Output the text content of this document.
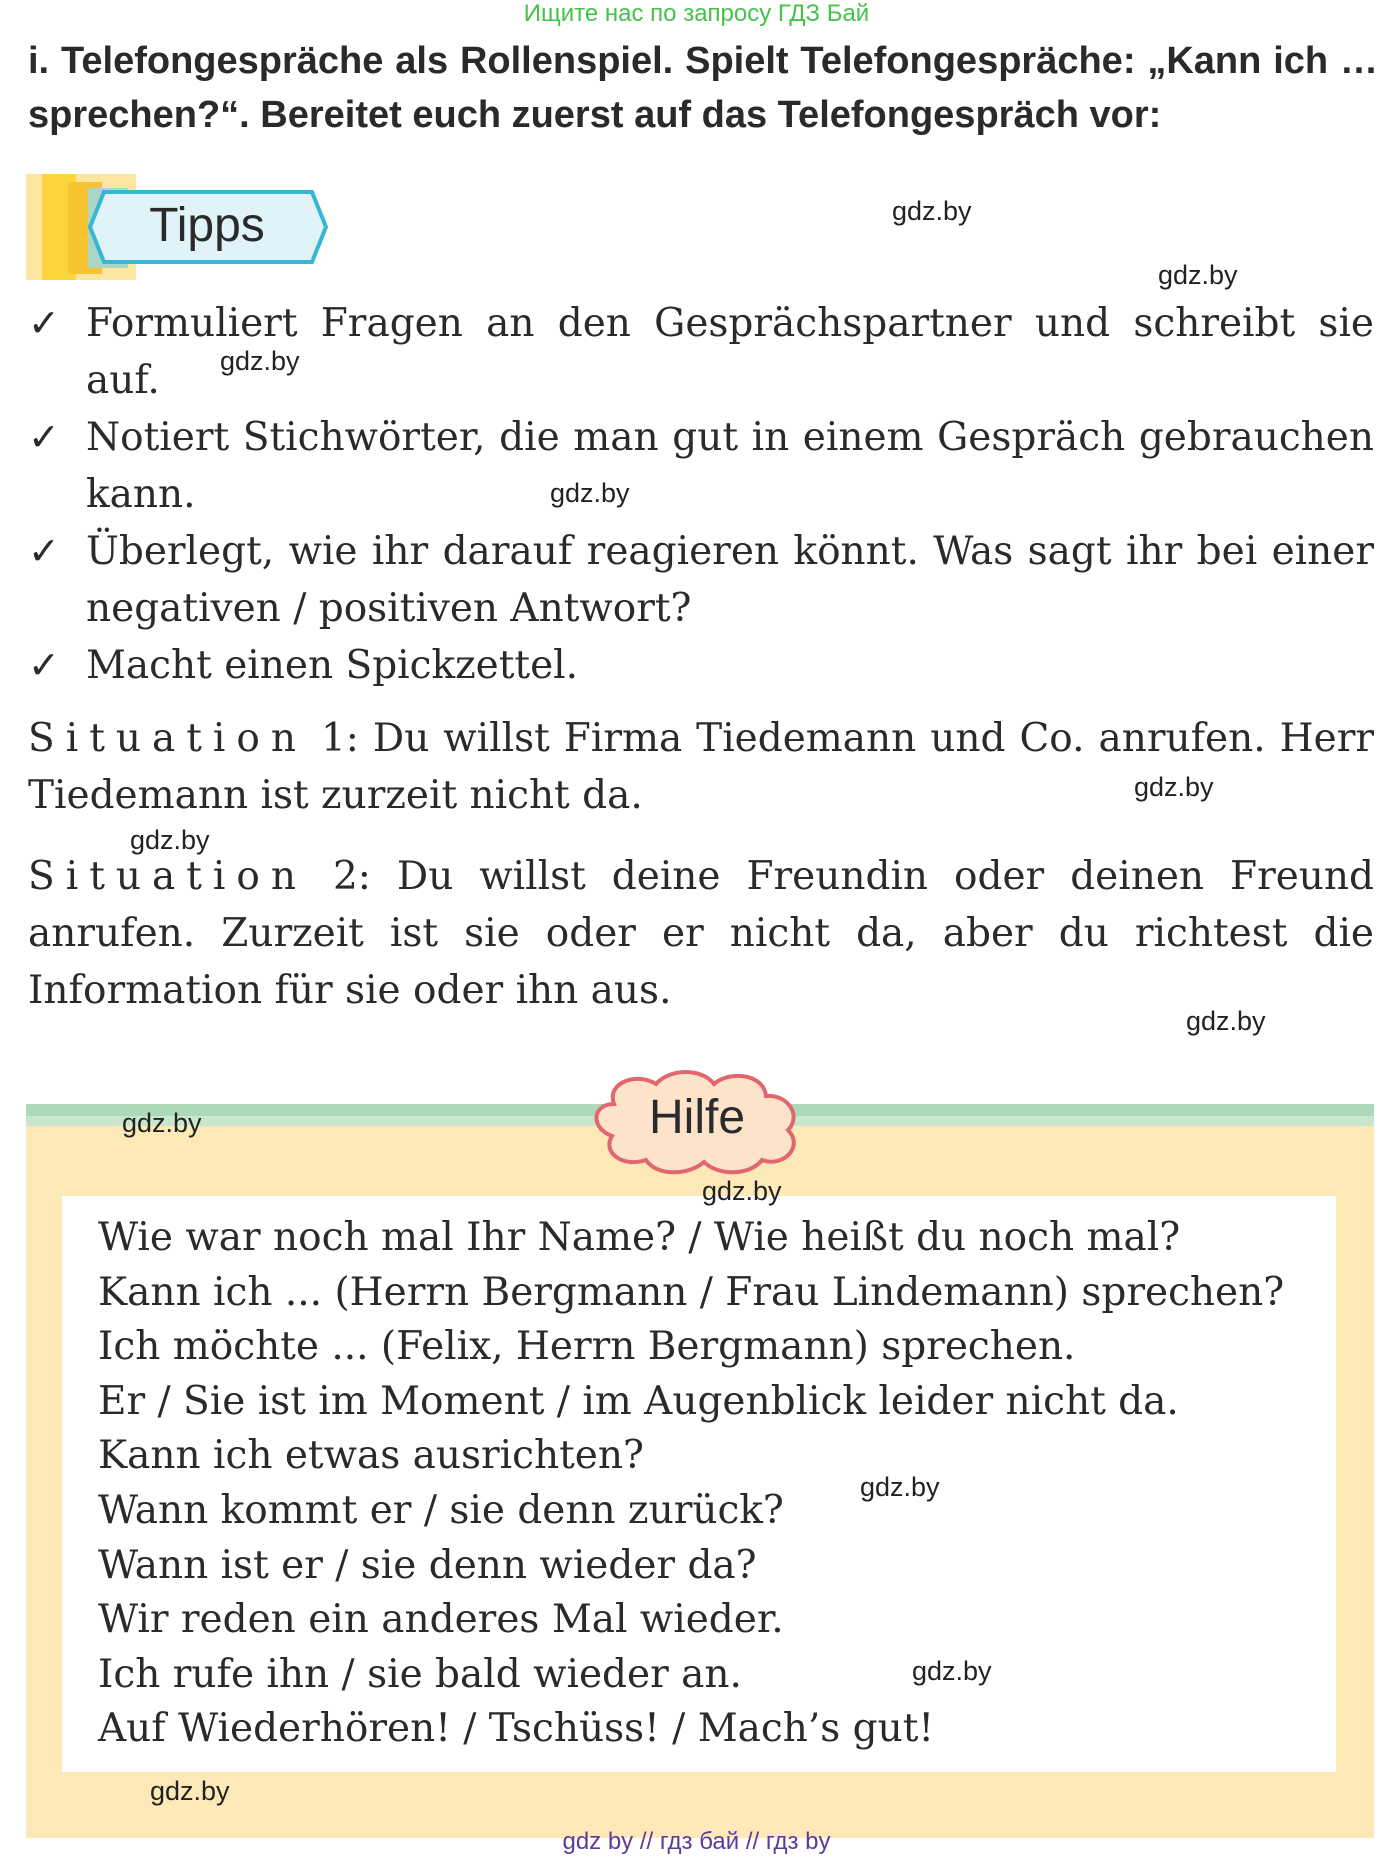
Ищите нас по запросу ГДЗ Бай
i. Telefongespräche als Rollenspiel. Spielt Telefongespräche: „Kann ich … sprechen?“. Bereitet euch zuerst auf das Telefongespräch vor:
Tipps
✓ Formuliert Fragen an den Gesprächspartner und schreibt sie auf.
✓ Notiert Stichwörter, die man gut in einem Gespräch gebrauchen kann.
✓ Überlegt, wie ihr darauf reagieren könnt. Was sagt ihr bei einer negativen / positiven Antwort?
✓ Macht einen Spickzettel.
Situation 1: Du willst Firma Tiedemann und Co. anrufen. Herr Tiedemann ist zurzeit nicht da.
Situation 2: Du willst deine Freundin oder deinen Freund anrufen. Zurzeit ist sie oder er nicht da, aber du richtest die Information für sie oder ihn aus.
Hilfe
Wie war noch mal Ihr Name? / Wie heißt du noch mal?
Kann ich ... (Herrn Bergmann / Frau Lindemann) sprechen?
Ich möchte ... (Felix, Herrn Bergmann) sprechen.
Er / Sie ist im Moment / im Augenblick leider nicht da.
Kann ich etwas ausrichten?
Wann kommt er / sie denn zurück?
Wann ist er / sie denn wieder da?
Wir reden ein anderes Mal wieder.
Ich rufe ihn / sie bald wieder an.
Auf Wiederhören! / Tschüss! / Mach’s gut!
gdz.by
gdz.by
gdz.by
gdz.by
gdz.by
gdz.by
gdz.by
gdz.by
gdz.by
gdz.by
gdz.by
gdz.by
gdz by // гдз бай // гдз by
